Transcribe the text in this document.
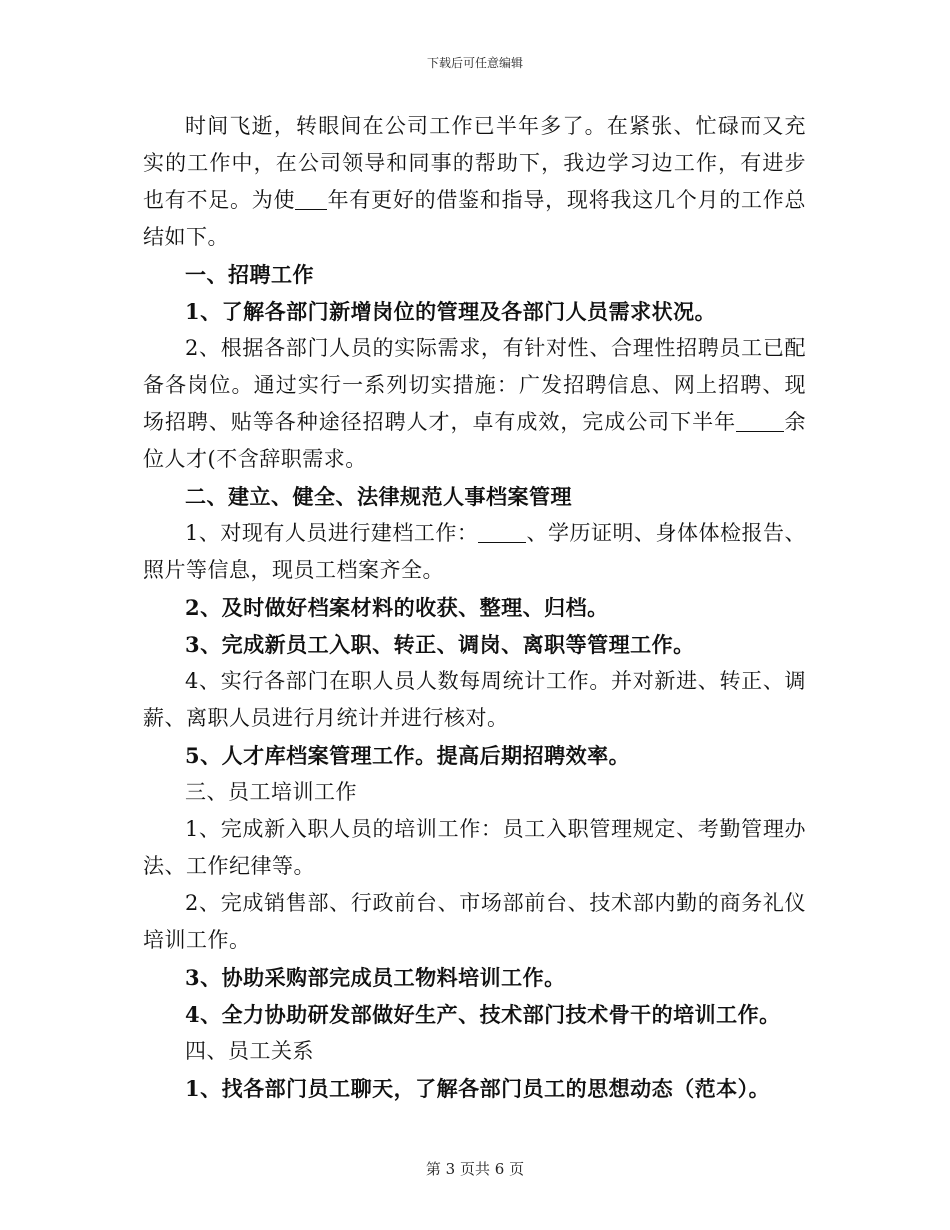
下载后可任意编辑

时间飞逝，转眼间在公司工作已半年多了。在紧张、忙碌而又充实的工作中，在公司领导和同事的帮助下，我边学习边工作，有进步也有不足。为使 年有更好的借鉴和指导，现将我这几个月的工作总结如下。

一、招聘工作

1、了解各部门新增岗位的管理及各部门人员需求状况。

2、根据各部门人员的实际需求，有针对性、合理性招聘员工已配备各岗位。通过实行一系列切实措施：广发招聘信息、网上招聘、现场招聘、贴等各种途径招聘人才，卓有成效，完成公司下半年 余位人才(不含辞职需求。

二、建立、健全、法律规范人事档案管理

1、对现有人员进行建档工作： 、学历证明、身体体检报告、照片等信息，现员工档案齐全。

2、及时做好档案材料的收获、整理、归档。

3、完成新员工入职、转正、调岗、离职等管理工作。

4、实行各部门在职人员人数每周统计工作。并对新进、转正、调薪、离职人员进行月统计并进行核对。

5、人才库档案管理工作。提高后期招聘效率。

三、员工培训工作

1、完成新入职人员的培训工作：员工入职管理规定、考勤管理办法、工作纪律等。

2、完成销售部、行政前台、市场部前台、技术部内勤的商务礼仪培训工作。

3、协助采购部完成员工物料培训工作。

4、全力协助研发部做好生产、技术部门技术骨干的培训工作。

四、员工关系

1、找各部门员工聊天，了解各部门员工的思想动态（范本）。

第 3 页共 6 页
